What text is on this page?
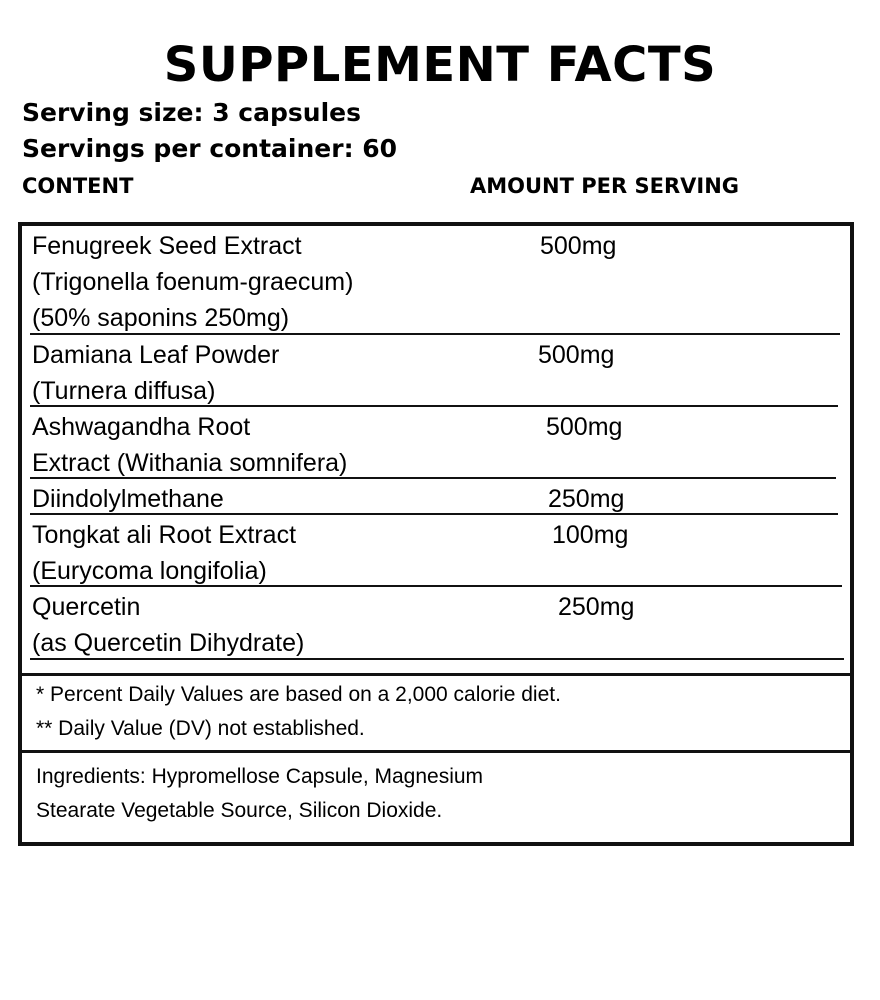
SUPPLEMENT FACTS
Serving size: 3 capsules
Servings per container: 60
CONTENT	AMOUNT PER SERVING
Fenugreek Seed Extract
(Trigonella foenum-graecum)
(50% saponins 250mg)
500mg
Damiana Leaf Powder
(Turnera diffusa)
500mg
Ashwagandha Root
Extract (Withania somnifera)
500mg
Diindolylmethane	250mg
Tongkat ali Root Extract
(Eurycoma longifolia)
100mg
Quercetin
(as Quercetin Dihydrate)
250mg
* Percent Daily Values are based on a 2,000 calorie diet.
** Daily Value (DV) not established.
Ingredients: Hypromellose Capsule, Magnesium
Stearate Vegetable Source, Silicon Dioxide.
